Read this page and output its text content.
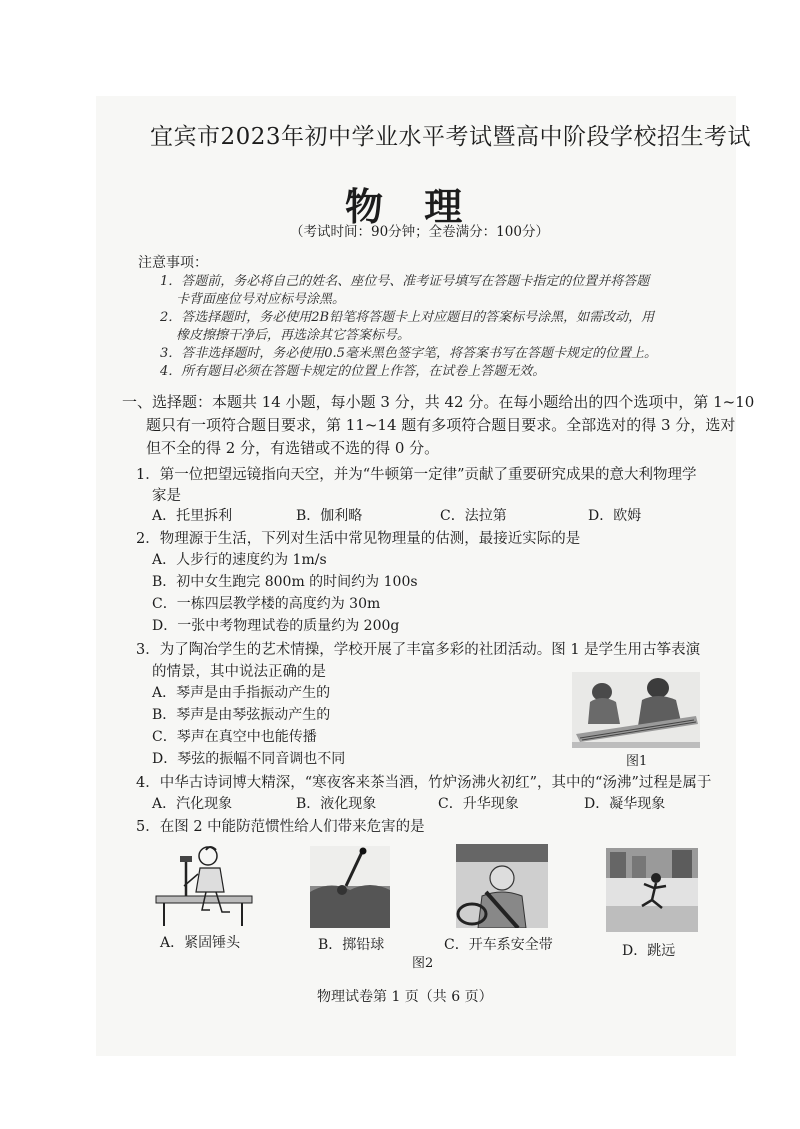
宜宾市2023年初中学业水平考试暨高中阶段学校招生考试
物 理
（考试时间：90分钟；全卷满分：100分）
注意事项：
1．答题前，务必将自己的姓名、座位号、准考证号填写在答题卡指定的位置并将答题
卡背面座位号对应标号涂黑。
2．答选择题时，务必使用2B铅笔将答题卡上对应题目的答案标号涂黑，如需改动，用
橡皮擦擦干净后，再选涂其它答案标号。
3．答非选择题时，务必使用0.5毫米黑色签字笔，将答案书写在答题卡规定的位置上。
4．所有题目必须在答题卡规定的位置上作答，在试卷上答题无效。
一、选择题：本题共 14 小题，每小题 3 分，共 42 分。在每小题给出的四个选项中，第 1~10
题只有一项符合题目要求，第 11~14 题有多项符合题目要求。全部选对的得 3 分，选对
但不全的得 2 分，有选错或不选的得 0 分。
1．第一位把望远镜指向天空，并为“牛顿第一定律”贡献了重要研究成果的意大利物理学
家是
A．托里拆利	B．伽利略	C．法拉第	D．欧姆
2．物理源于生活，下列对生活中常见物理量的估测，最接近实际的是
A．人步行的速度约为 1m/s
B．初中女生跑完 800m 的时间约为 100s
C．一栋四层教学楼的高度约为 30m
D．一张中考物理试卷的质量约为 200g
3．为了陶冶学生的艺术情操，学校开展了丰富多彩的社团活动。图 1 是学生用古筝表演
的情景，其中说法正确的是
A．琴声是由手指振动产生的
B．琴声是由琴弦振动产生的
C．琴声在真空中也能传播
D．琴弦的振幅不同音调也不同	图1
4．中华古诗词博大精深，“寒夜客来茶当酒，竹炉汤沸火初红”，其中的“汤沸”过程是属于
A．汽化现象	B．液化现象	C．升华现象	D．凝华现象
5．在图 2 中能防范惯性给人们带来危害的是
A．紧固锤头	B．掷铅球	C．开车系安全带	D．跳远
图2
物理试卷第 1 页（共 6 页）
